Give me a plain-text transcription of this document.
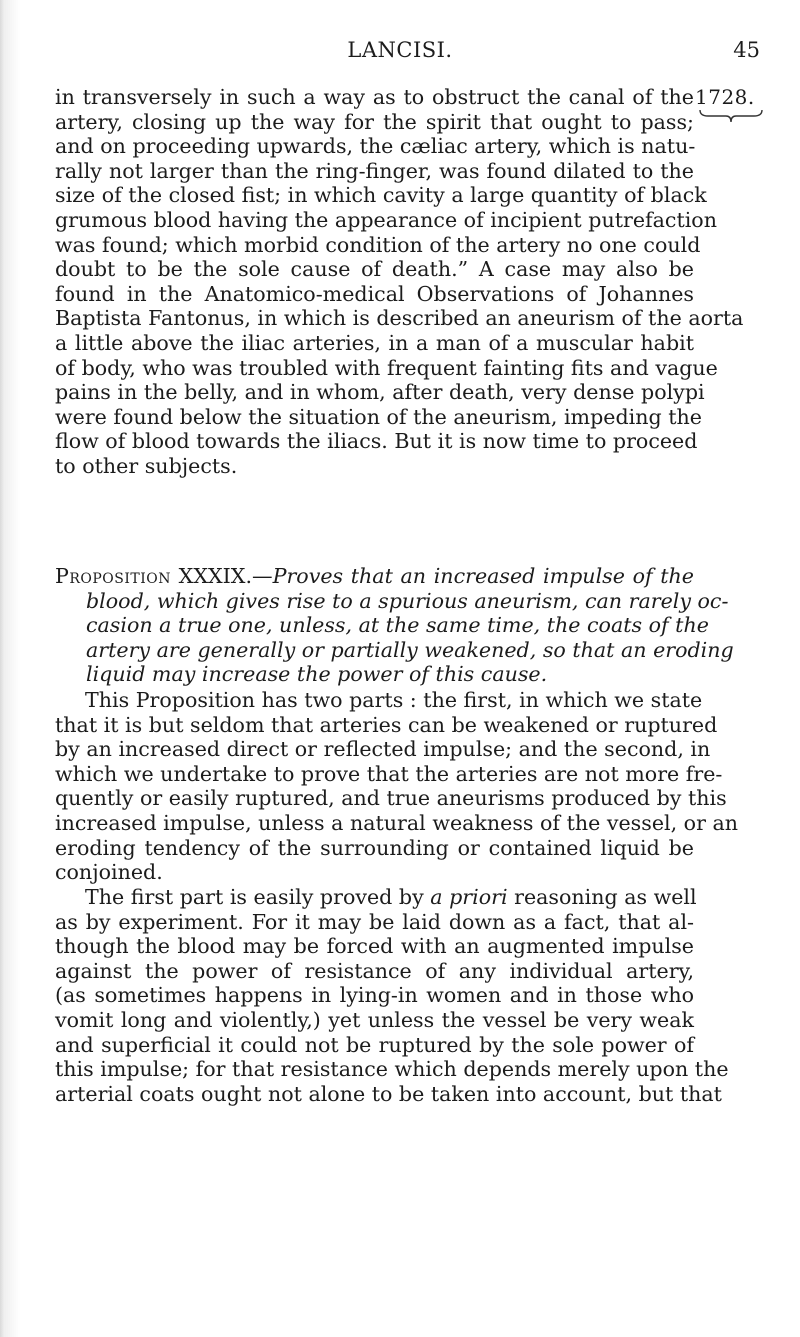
LANCISI.	45
1728.
in transversely in such a way as to obstruct the canal of the
artery, closing up the way for the spirit that ought to pass;
and on proceeding upwards, the cæliac artery, which is natu-
rally not larger than the ring-finger, was found dilated to the
size of the closed fist; in which cavity a large quantity of black
grumous blood having the appearance of incipient putrefaction
was found; which morbid condition of the artery no one could
doubt to be the sole cause of death.” A case may also be
found in the Anatomico-medical Observations of Johannes
Baptista Fantonus, in which is described an aneurism of the aorta
a little above the iliac arteries, in a man of a muscular habit
of body, who was troubled with frequent fainting fits and vague
pains in the belly, and in whom, after death, very dense polypi
were found below the situation of the aneurism, impeding the
flow of blood towards the iliacs. But it is now time to proceed
to other subjects.
Proposition XXXIX.—Proves that an increased impulse of the
blood, which gives rise to a spurious aneurism, can rarely oc-
casion a true one, unless, at the same time, the coats of the
artery are generally or partially weakened, so that an eroding
liquid may increase the power of this cause.
This Proposition has two parts : the first, in which we state
that it is but seldom that arteries can be weakened or ruptured
by an increased direct or reflected impulse; and the second, in
which we undertake to prove that the arteries are not more fre-
quently or easily ruptured, and true aneurisms produced by this
increased impulse, unless a natural weakness of the vessel, or an
eroding tendency of the surrounding or contained liquid be
conjoined.
The first part is easily proved by a priori reasoning as well
as by experiment. For it may be laid down as a fact, that al-
though the blood may be forced with an augmented impulse
against the power of resistance of any individual artery,
(as sometimes happens in lying-in women and in those who
vomit long and violently,) yet unless the vessel be very weak
and superficial it could not be ruptured by the sole power of
this impulse; for that resistance which depends merely upon the
arterial coats ought not alone to be taken into account, but that
